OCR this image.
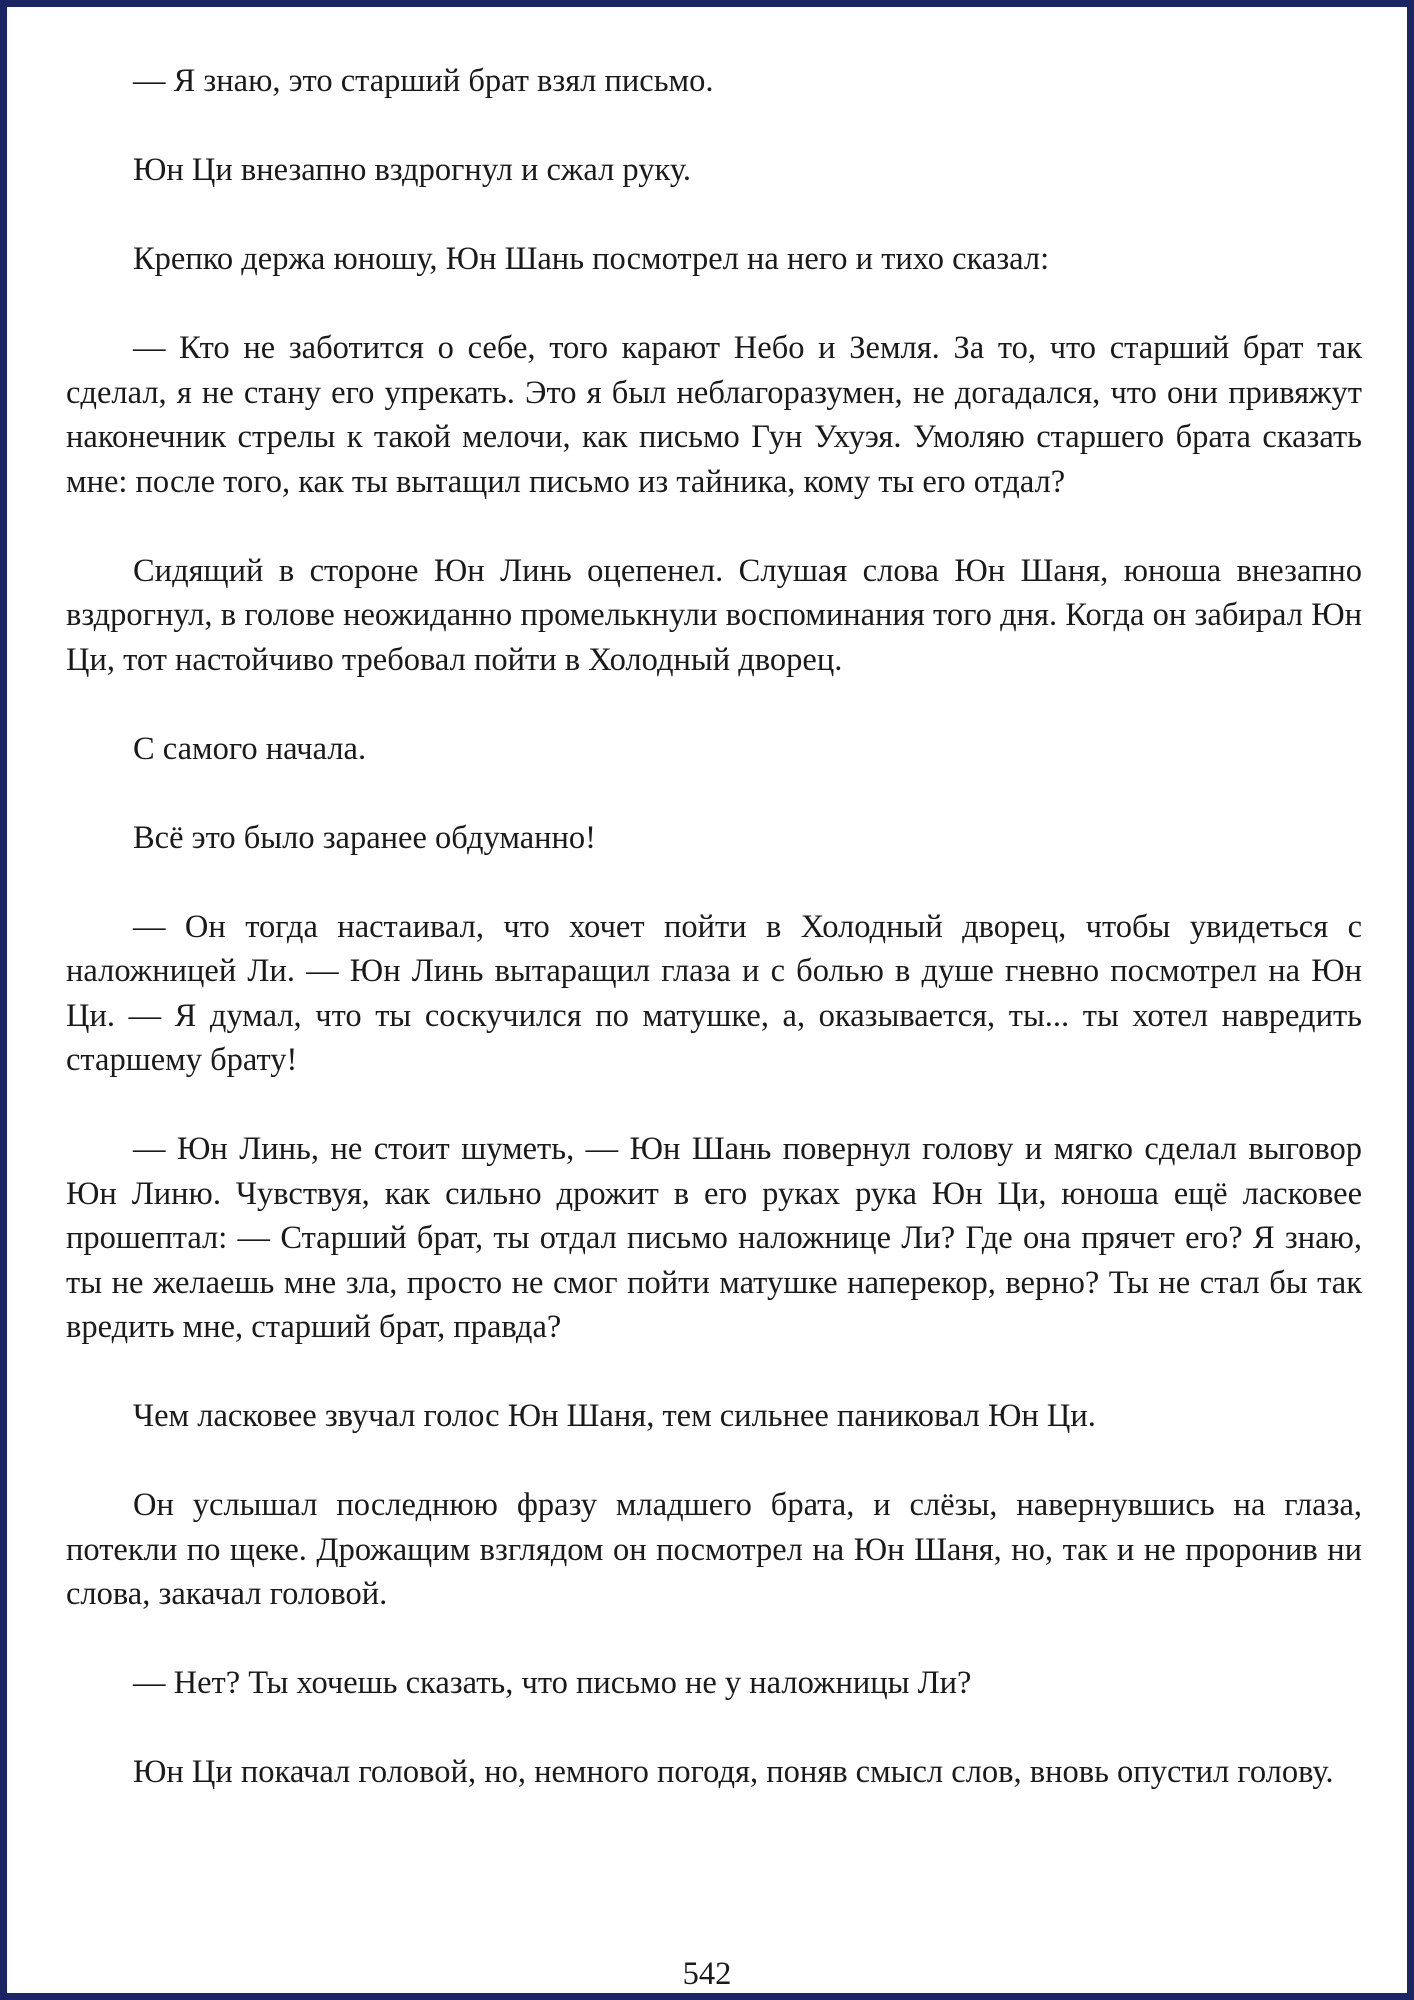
— Я знаю, это старший брат взял письмо.

Юн Ци внезапно вздрогнул и сжал руку.

Крепко держа юношу, Юн Шань посмотрел на него и тихо сказал:

— Кто не заботится о себе, того карают Небо и Земля. За то, что старший брат так сделал, я не стану его упрекать. Это я был неблагоразумен, не догадался, что они привяжут наконечник стрелы к такой мелочи, как письмо Гун Ухуэя. Умоляю старшего брата сказать мне: после того, как ты вытащил письмо из тайника, кому ты его отдал?

Сидящий в стороне Юн Линь оцепенел. Слушая слова Юн Шаня, юноша внезапно вздрогнул, в голове неожиданно промелькнули воспоминания того дня. Когда он забирал Юн Ци, тот настойчиво требовал пойти в Холодный дворец.

С самого начала.

Всё это было заранее обдуманно!

— Он тогда настаивал, что хочет пойти в Холодный дворец, чтобы увидеться с наложницей Ли. — Юн Линь вытаращил глаза и с болью в душе гневно посмотрел на Юн Ци. — Я думал, что ты соскучился по матушке, а, оказывается, ты... ты хотел навредить старшему брату!

— Юн Линь, не стоит шуметь, — Юн Шань повернул голову и мягко сделал выговор Юн Линю. Чувствуя, как сильно дрожит в его руках рука Юн Ци, юноша ещё ласковее прошептал: — Старший брат, ты отдал письмо наложнице Ли? Где она прячет его? Я знаю, ты не желаешь мне зла, просто не смог пойти матушке наперекор, верно? Ты не стал бы так вредить мне, старший брат, правда?

Чем ласковее звучал голос Юн Шаня, тем сильнее паниковал Юн Ци.

Он услышал последнюю фразу младшего брата, и слёзы, навернувшись на глаза, потекли по щеке. Дрожащим взглядом он посмотрел на Юн Шаня, но, так и не проронив ни слова, закачал головой.

— Нет? Ты хочешь сказать, что письмо не у наложницы Ли?

Юн Ци покачал головой, но, немного погодя, поняв смысл слов, вновь опустил голову.

542
